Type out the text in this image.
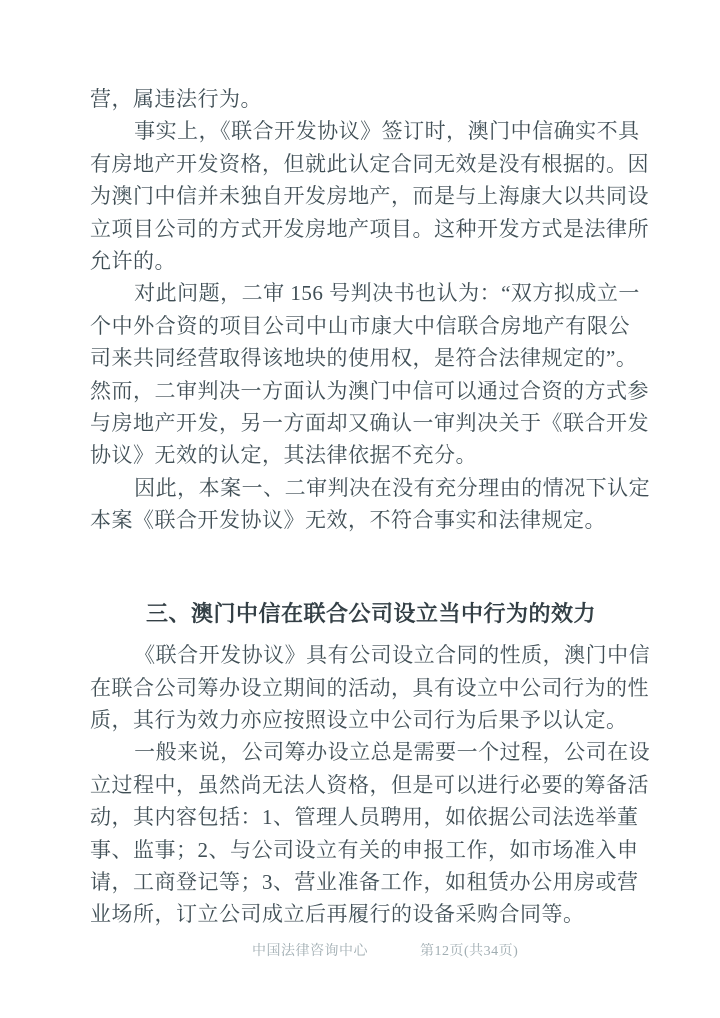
营，属违法行为。
事实上，《联合开发协议》签订时，澳门中信确实不具
有房地产开发资格，但就此认定合同无效是没有根据的。因
为澳门中信并未独自开发房地产，而是与上海康大以共同设
立项目公司的方式开发房地产项目。这种开发方式是法律所
允许的。
对此问题，二审 156 号判决书也认为：“双方拟成立一
个中外合资的项目公司中山市康大中信联合房地产有限公
司来共同经营取得该地块的使用权，是符合法律规定的”。
然而，二审判决一方面认为澳门中信可以通过合资的方式参
与房地产开发，另一方面却又确认一审判决关于《联合开发
协议》无效的认定，其法律依据不充分。
因此，本案一、二审判决在没有充分理由的情况下认定
本案《联合开发协议》无效，不符合事实和法律规定。
三、澳门中信在联合公司设立当中行为的效力
《联合开发协议》具有公司设立合同的性质，澳门中信
在联合公司筹办设立期间的活动，具有设立中公司行为的性
质，其行为效力亦应按照设立中公司行为后果予以认定。
一般来说，公司筹办设立总是需要一个过程，公司在设
立过程中，虽然尚无法人资格，但是可以进行必要的筹备活
动，其内容包括：1、管理人员聘用，如依据公司法选举董
事、监事；2、与公司设立有关的申报工作，如市场准入申
请，工商登记等；3、营业准备工作，如租赁办公用房或营
业场所，订立公司成立后再履行的设备采购合同等。
中国法律咨询中心	第12页(共34页)
